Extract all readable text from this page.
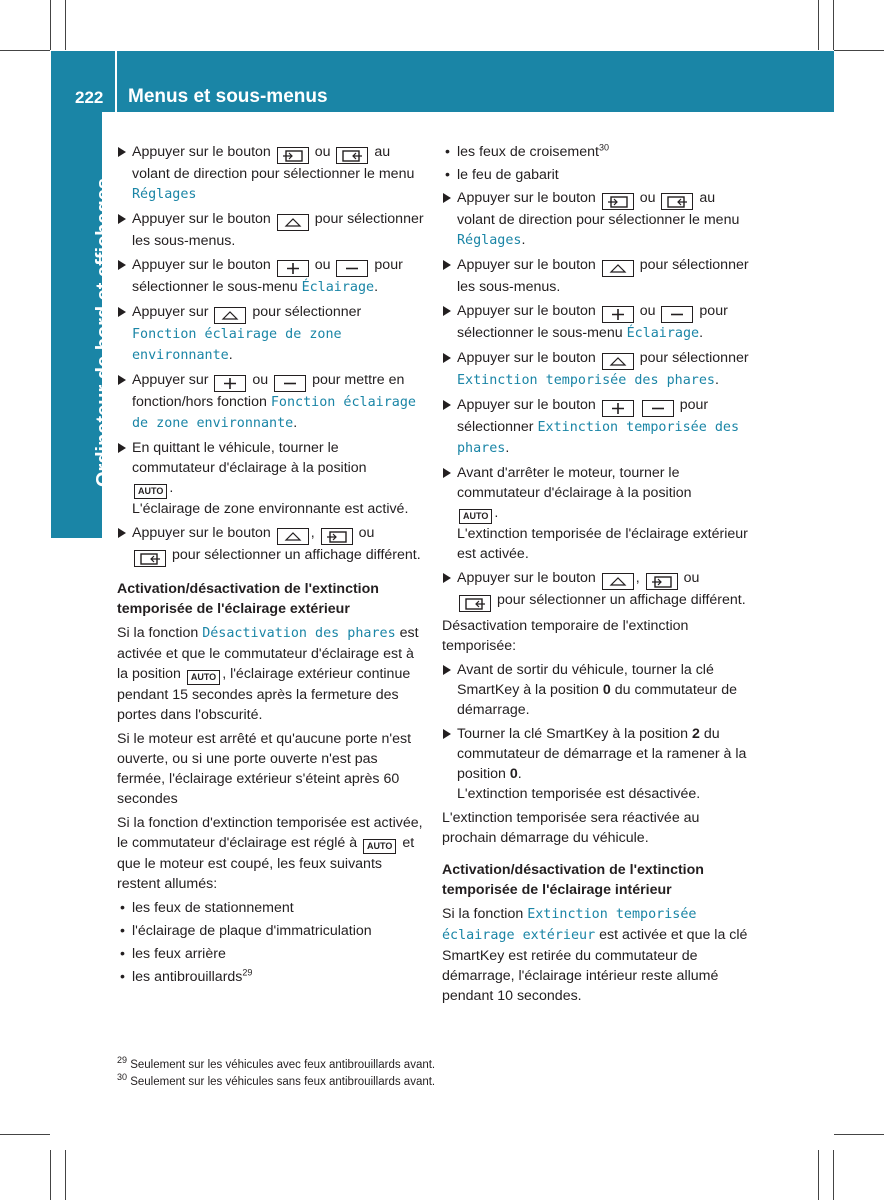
222 Menus et sous-menus
Ordinateur de bord et affichages
Appuyer sur le bouton	ou	au volant de direction pour sélectionner le menu Réglages
Appuyer sur le bouton	pour sélectionner les sous-menus.
Appuyer sur le bouton	ou	pour sélectionner le sous-menu Éclairage.
Appuyer sur	pour sélectionner Fonction éclairage de zone environnante.
Appuyer sur	ou	pour mettre en fonction/hors fonction Fonction éclairage de zone environnante.
En quittant le véhicule, tourner le commutateur d'éclairage à la position
AUTO .
L'éclairage de zone environnante est activé.
Appuyer sur le bouton	,	ou
pour sélectionner un affichage différent.
Activation/désactivation de l'extinction temporisée de l'éclairage extérieur
Si la fonction Désactivation des phares est activée et que le commutateur d'éclairage est à la position AUTO , l'éclairage extérieur continue pendant 15 secondes après la fermeture des portes dans l'obscurité.
Si le moteur est arrêté et qu'aucune porte n'est ouverte, ou si une porte ouverte n'est pas fermée, l'éclairage extérieur s'éteint après 60 secondes
Si la fonction d'extinction temporisée est activée, le commutateur d'éclairage est réglé à AUTO et que le moteur est coupé, les feux suivants restent allumés:
• les feux de stationnement
• l'éclairage de plaque d'immatriculation
• les feux arrière
• les antibrouillards$^{29}$
• les feux de croisement$^{30}$
• le feu de gabarit
Appuyer sur le bouton	ou	au volant de direction pour sélectionner le menu Réglages.
Appuyer sur le bouton	pour sélectionner les sous-menus.
Appuyer sur le bouton	ou	pour sélectionner le sous-menu Éclairage.
Appuyer sur le bouton	pour sélectionner Extinction temporisée des phares.
Appuyer sur le bouton	pour sélectionner Extinction temporisée des phares.
Avant d'arrêter le moteur, tourner le commutateur d'éclairage à la position
AUTO .
L'extinction temporisée de l'éclairage extérieur est activée.
Appuyer sur le bouton	,	ou
pour sélectionner un affichage différent.
Désactivation temporaire de l'extinction temporisée:
Avant de sortir du véhicule, tourner la clé SmartKey à la position 0 du commutateur de démarrage.
Tourner la clé SmartKey à la position 2 du commutateur de démarrage et la ramener à la position 0.
L'extinction temporisée est désactivée.
L'extinction temporisée sera réactivée au prochain démarrage du véhicule.
Activation/désactivation de l'extinction temporisée de l'éclairage intérieur
Si la fonction Extinction temporisée éclairage extérieur est activée et que la clé SmartKey est retirée du commutateur de démarrage, l'éclairage intérieur reste allumé pendant 10 secondes.
$^{29}$ Seulement sur les véhicules avec feux antibrouillards avant.
$^{30}$ Seulement sur les véhicules sans feux antibrouillards avant.
